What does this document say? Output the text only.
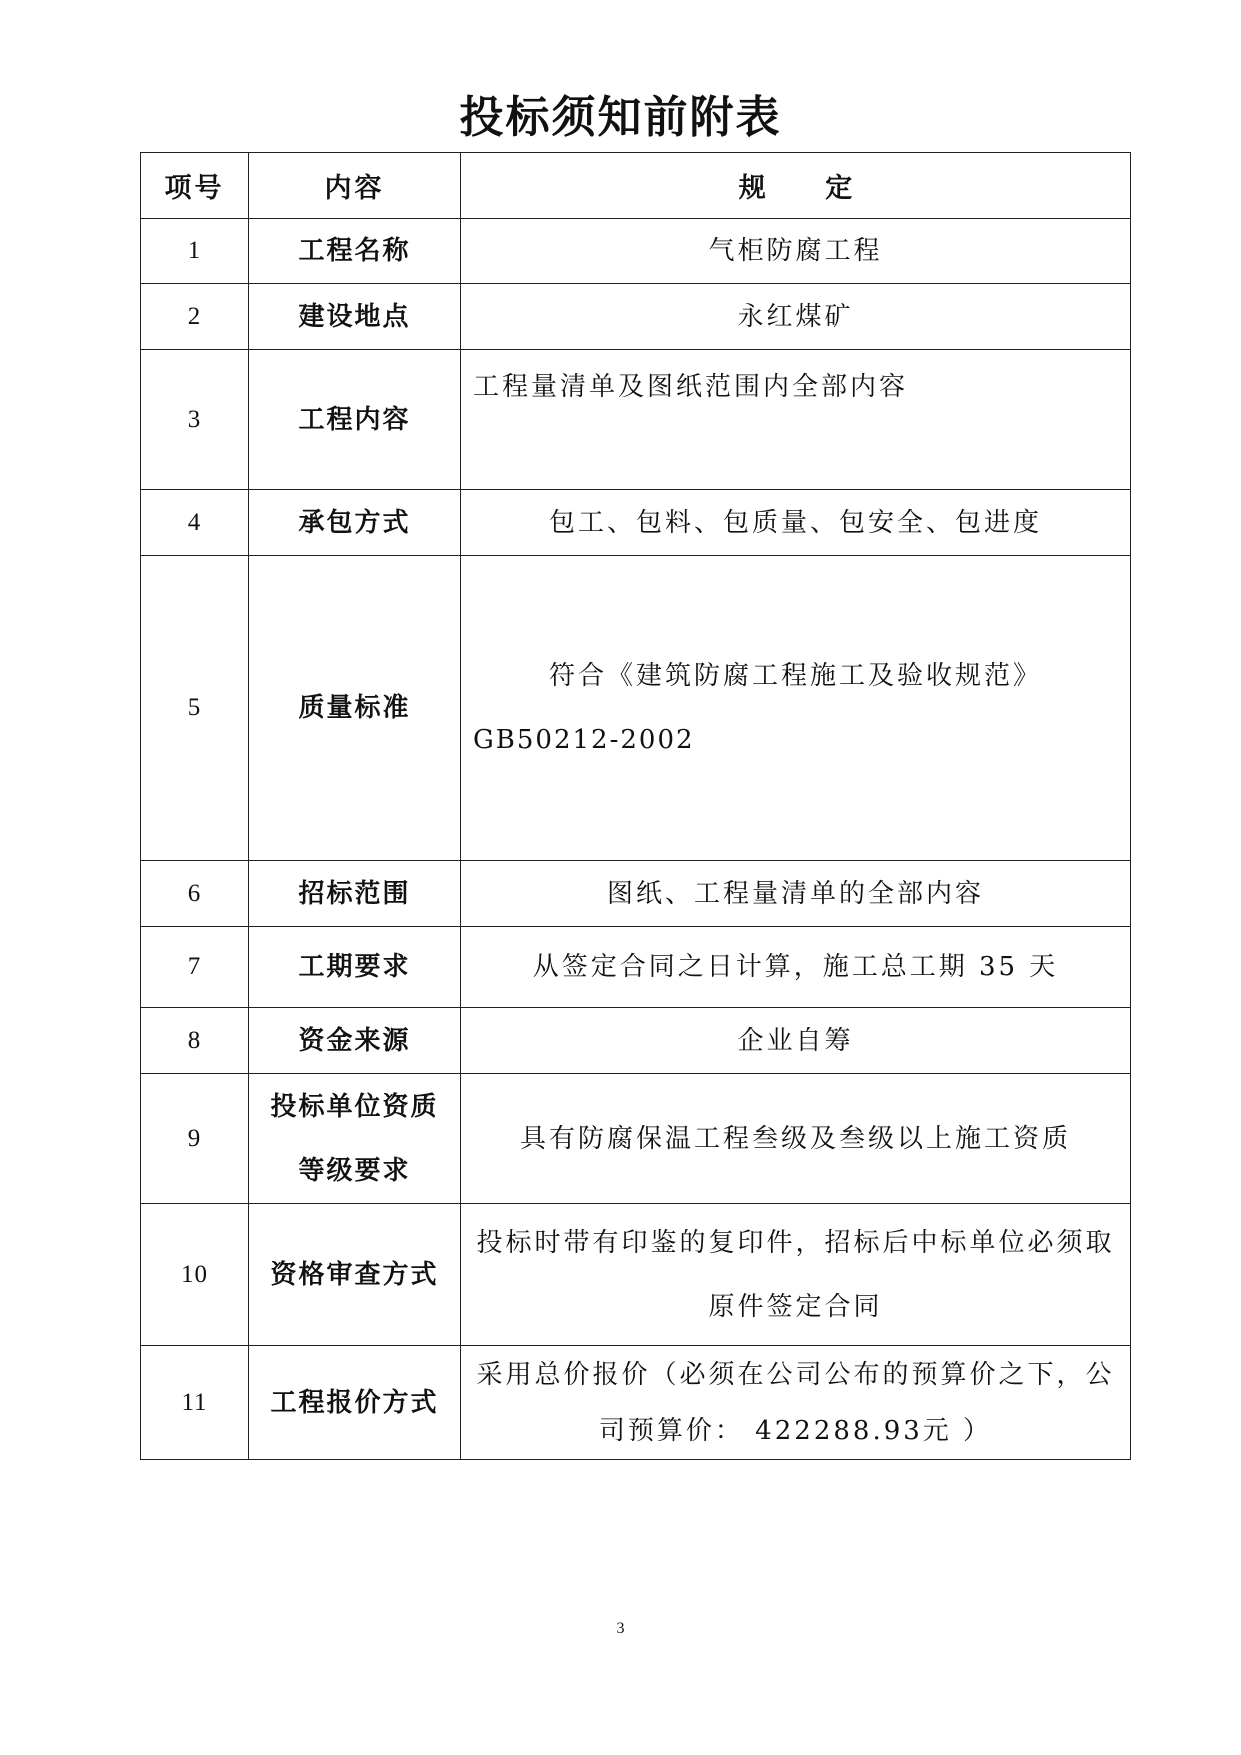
投标须知前附表
项号	内容	规 定
1	工程名称	气柜防腐工程
2	建设地点	永红煤矿
3	工程内容	工程量清单及图纸范围内全部内容
4	承包方式	包工、包料、包质量、包安全、包进度
5	质量标准	符合《建筑防腐工程施工及验收规范》
GB50212-2002

6	招标范围	图纸、工程量清单的全部内容
7	工期要求	从签定合同之日计算，施工总工期 35 天
8	资金来源	企业自筹
9	投标单位资质
等级要求	具有防腐保温工程叁级及叁级以上施工资质
10	资格审查方式	投标时带有印鉴的复印件，招标后中标单位必须取
原件签定合同

11	工程报价方式	采用总价报价（必须在公司公布的预算价之下，公
司预算价： 422288.93元 ）
3
